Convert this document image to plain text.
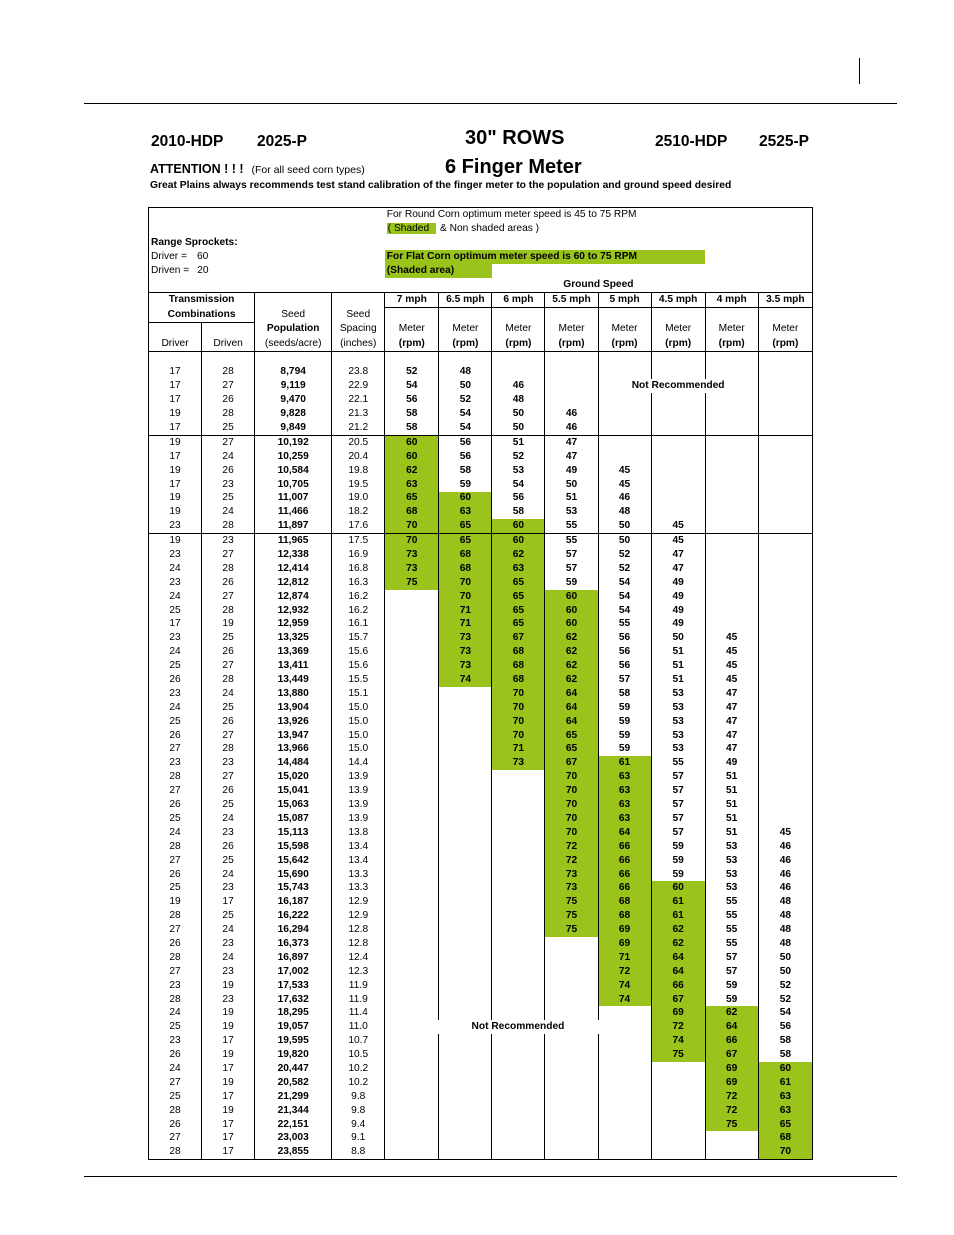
2010-HDP 2025-P	30" ROWS
6 Finger Meter
2510-HDP 2525-P
ATTENTION ! ! ! (For all seed corn types)
Great Plains always recommends test stand calibration of the finger meter to the population and ground speed desired
				For Round Corn optimum meter speed is 45 to 75 RPM							
				( Shaded & Non shaded areas )							
Range Sprockets:											
Driver = 60				For Flat Corn optimum meter speed is 60 to 75 RPM							
Driven = 20				(Shaded area)							
				Ground Speed							
Transmission				7 mph	6.5 mph	6 mph	5.5 mph	5 mph	4.5 mph	4 mph	3.5 mph
Combinations		Seed	Seed								
		Population	Spacing	Meter	Meter	Meter	Meter	Meter	Meter	Meter	Meter
Driver	Driven	(seeds/acre)	(inches)	(rpm)	(rpm)	(rpm)	(rpm)	(rpm)	(rpm)	(rpm)	(rpm)

17	28	8,794	23.8	52	48						
17	27	9,119	22.9	54	50	46		Not Recommended			
17	26	9,470	22.1	56	52	48					
19	28	9,828	21.3	58	54	50	46				
17	25	9,849	21.2	58	54	50	46				
19	27	10,192	20.5	60	56	51	47				
17	24	10,259	20.4	60	56	52	47				
19	26	10,584	19.8	62	58	53	49	45			
17	23	10,705	19.5	63	59	54	50	45			
19	25	11,007	19.0	65	60	56	51	46			
19	24	11,466	18.2	68	63	58	53	48			
23	28	11,897	17.6	70	65	60	55	50	45		
19	23	11,965	17.5	70	65	60	55	50	45		
23	27	12,338	16.9	73	68	62	57	52	47		
24	28	12,414	16.8	73	68	63	57	52	47		
23	26	12,812	16.3	75	70	65	59	54	49		
24	27	12,874	16.2		70	65	60	54	49		
25	28	12,932	16.2		71	65	60	54	49		
17	19	12,959	16.1		71	65	60	55	49		
23	25	13,325	15.7		73	67	62	56	50	45	
24	26	13,369	15.6		73	68	62	56	51	45	
25	27	13,411	15.6		73	68	62	56	51	45	
26	28	13,449	15.5		74	68	62	57	51	45	
23	24	13,880	15.1			70	64	58	53	47	
24	25	13,904	15.0			70	64	59	53	47	
25	26	13,926	15.0			70	64	59	53	47	
26	27	13,947	15.0			70	65	59	53	47	
27	28	13,966	15.0			71	65	59	53	47	
23	23	14,484	14.4			73	67	61	55	49	
28	27	15,020	13.9				70	63	57	51	
27	26	15,041	13.9				70	63	57	51	
26	25	15,063	13.9				70	63	57	51	
25	24	15,087	13.9				70	63	57	51	
24	23	15,113	13.8				70	64	57	51	45
28	26	15,598	13.4				72	66	59	53	46
27	25	15,642	13.4				72	66	59	53	46
26	24	15,690	13.3				73	66	59	53	46
25	23	15,743	13.3				73	66	60	53	46
19	17	16,187	12.9				75	68	61	55	48
28	25	16,222	12.9				75	68	61	55	48
27	24	16,294	12.8				75	69	62	55	48
26	23	16,373	12.8					69	62	55	48
28	24	16,897	12.4					71	64	57	50
27	23	17,002	12.3					72	64	57	50
23	19	17,533	11.9					74	66	59	52
28	23	17,632	11.9					74	67	59	52
24	19	18,295	11.4						69	62	54
25	19	19,057	11.0	Not Recommended					72	64	56
23	17	19,595	10.7						74	66	58
26	19	19,820	10.5						75	67	58
24	17	20,447	10.2							69	60
27	19	20,582	10.2							69	61
25	17	21,299	9.8							72	63
28	19	21,344	9.8							72	63
26	17	22,151	9.4							75	65
27	17	23,003	9.1								68
28	17	23,855	8.8								70
